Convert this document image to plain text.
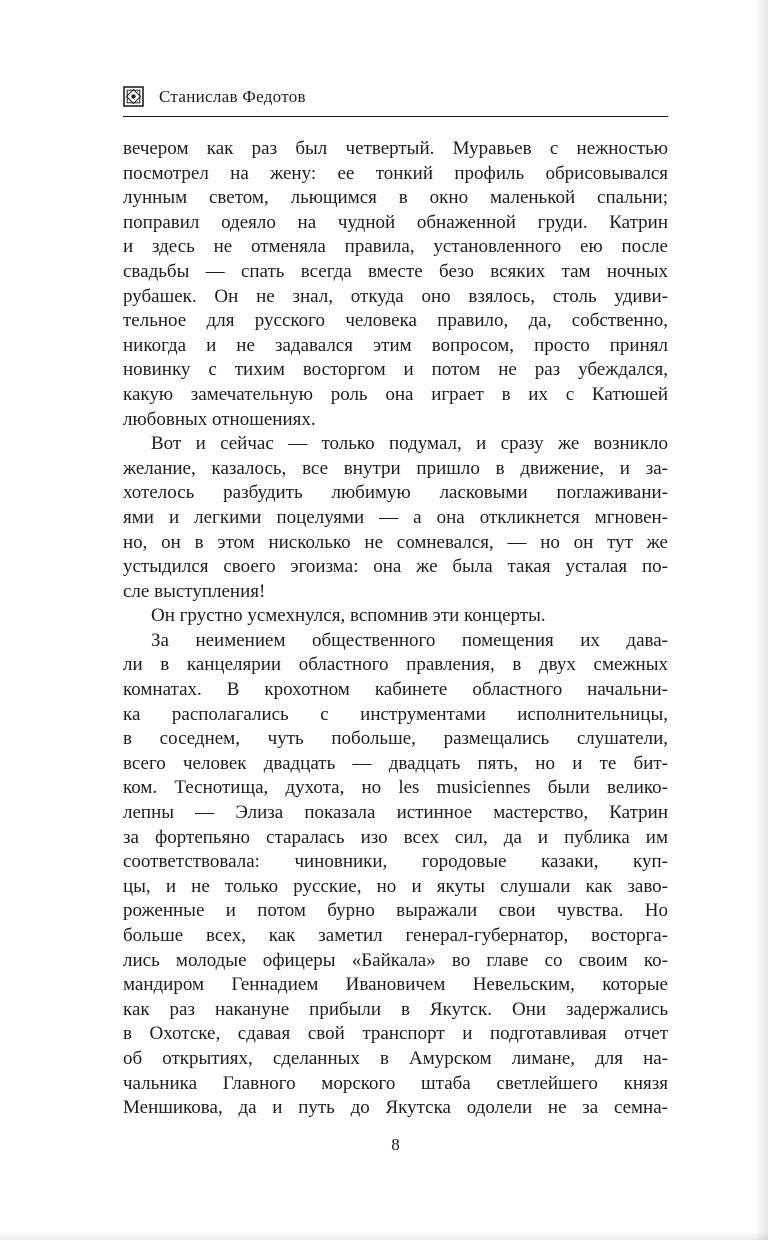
Станислав Федотов
вечером как раз был четвертый. Муравьев с нежностью
посмотрел на жену: ее тонкий профиль обрисовывался
лунным светом, льющимся в окно маленькой спальни;
поправил одеяло на чудной обнаженной груди. Катрин
и здесь не отменяла правила, установленного ею после
свадьбы — спать всегда вместе безо всяких там ночных
рубашек. Он не знал, откуда оно взялось, столь удиви-
тельное для русского человека правило, да, собственно,
никогда и не задавался этим вопросом, просто принял
новинку с тихим восторгом и потом не раз убеждался,
какую замечательную роль она играет в их с Катюшей
любовных отношениях.
Вот и сейчас — только подумал, и сразу же возникло
желание, казалось, все внутри пришло в движение, и за-
хотелось разбудить любимую ласковыми поглаживани-
ями и легкими поцелуями — а она откликнется мгновен-
но, он в этом нисколько не сомневался, — но он тут же
устыдился своего эгоизма: она же была такая усталая по-
сле выступления!
Он грустно усмехнулся, вспомнив эти концерты.
За неимением общественного помещения их дава-
ли в канцелярии областного правления, в двух смежных
комнатах. В крохотном кабинете областного начальни-
ка располагались с инструментами исполнительницы,
в соседнем, чуть побольше, размещались слушатели,
всего человек двадцать — двадцать пять, но и те бит-
ком. Теснотища, духота, но les musiciennes были велико-
лепны — Элиза показала истинное мастерство, Катрин
за фортепьяно старалась изо всех сил, да и публика им
соответствовала: чиновники, городовые казаки, куп-
цы, и не только русские, но и якуты слушали как заво-
роженные и потом бурно выражали свои чувства. Но
больше всех, как заметил генерал-губернатор, восторга-
лись молодые офицеры «Байкала» во главе со своим ко-
мандиром Геннадием Ивановичем Невельским, которые
как раз накануне прибыли в Якутск. Они задержались
в Охотске, сдавая свой транспорт и подготавливая отчет
об открытиях, сделанных в Амурском лимане, для на-
чальника Главного морского штаба светлейшего князя
Меншикова, да и путь до Якутска одолели не за семна-
8
